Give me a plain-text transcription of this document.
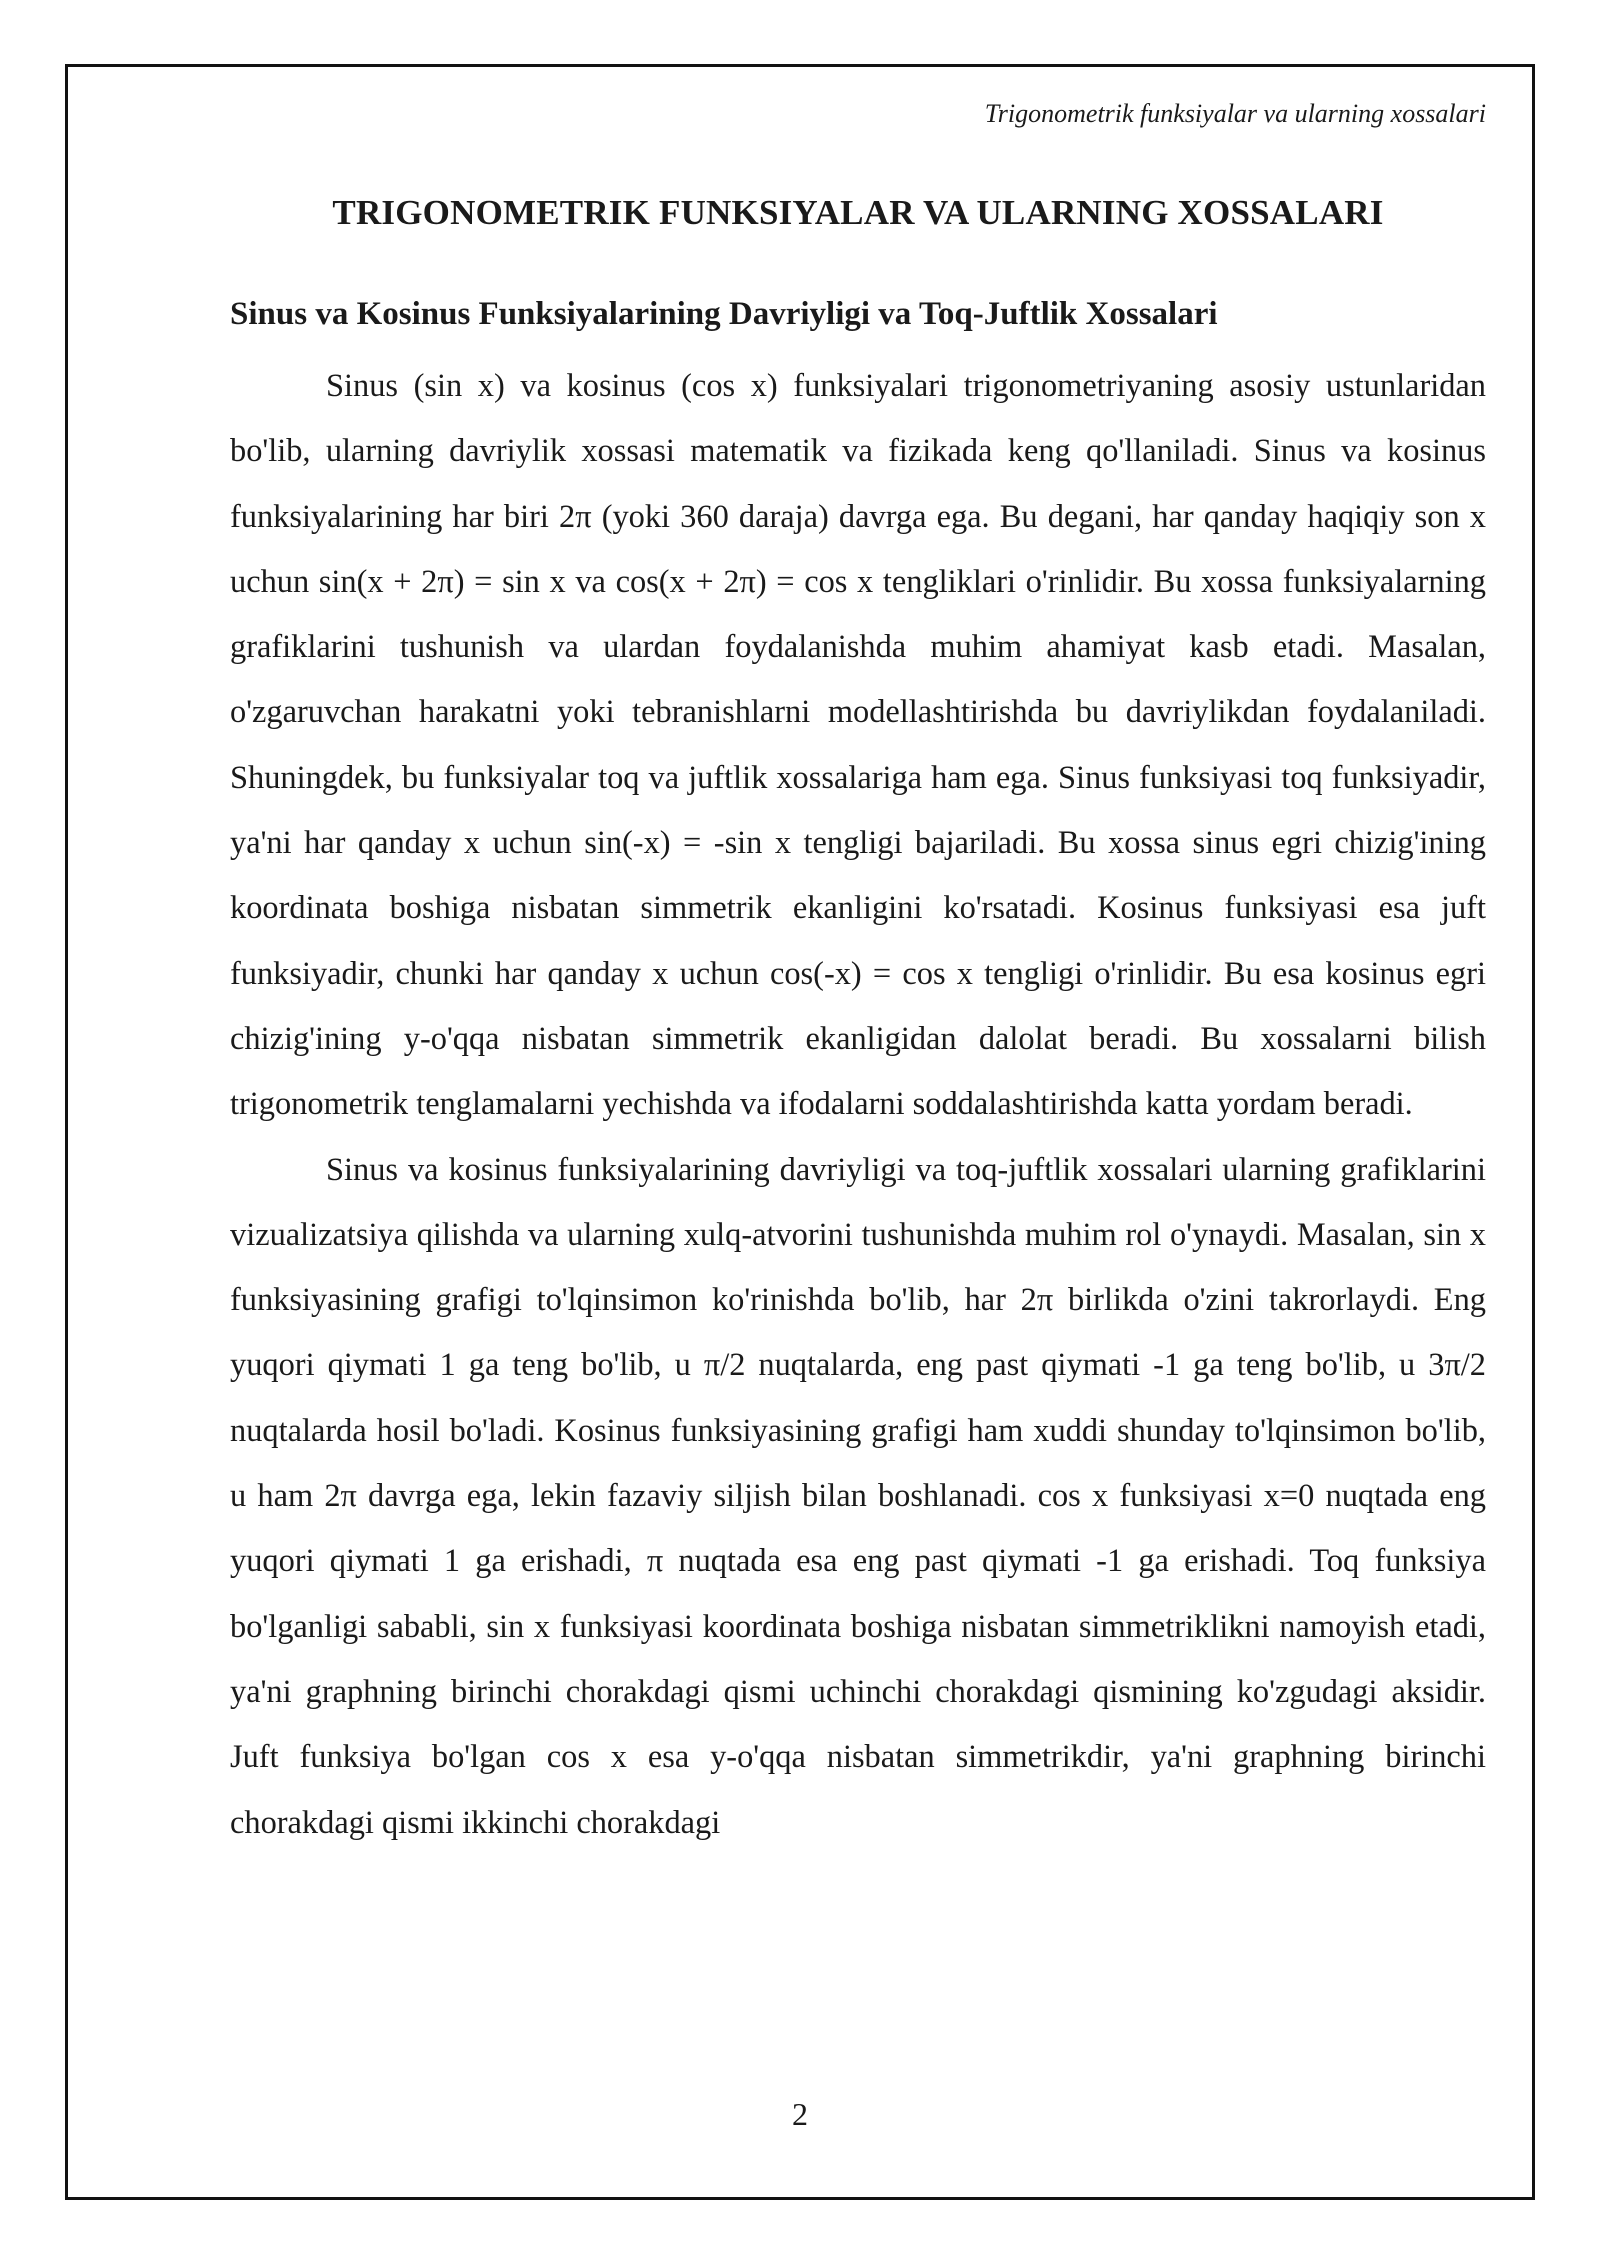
Trigonometrik funksiyalar va ularning xossalari
TRIGONOMETRIK FUNKSIYALAR VA ULARNING XOSSALARI
Sinus va Kosinus Funksiyalarining Davriyligi va Toq-Juftlik Xossalari

Sinus (sin x) va kosinus (cos x) funksiyalari trigonometriyaning asosiy ustunlaridan bo'lib, ularning davriylik xossasi matematik va fizikada keng qo'llaniladi. Sinus va kosinus funksiyalarining har biri 2π (yoki 360 daraja) davrga ega. Bu degani, har qanday haqiqiy son x uchun sin(x + 2π) = sin x va cos(x + 2π) = cos x tengliklari o'rinlidir. Bu xossa funksiyalarning grafiklarini tushunish va ulardan foydalanishda muhim ahamiyat kasb etadi. Masalan, o'zgaruvchan harakatni yoki tebranishlarni modellashtirishda bu davriylikdan foydalaniladi. Shuningdek, bu funksiyalar toq va juftlik xossalariga ham ega. Sinus funksiyasi toq funksiyadir, ya'ni har qanday x uchun sin(-x) = -sin x tengligi bajariladi. Bu xossa sinus egri chizig'ining koordinata boshiga nisbatan simmetrik ekanligini ko'rsatadi. Kosinus funksiyasi esa juft funksiyadir, chunki har qanday x uchun cos(-x) = cos x tengligi o'rinlidir. Bu esa kosinus egri chizig'ining y-o'qqa nisbatan simmetrik ekanligidan dalolat beradi. Bu xossalarni bilish trigonometrik tenglamalarni yechishda va ifodalarni soddalashtirishda katta yordam beradi.

Sinus va kosinus funksiyalarining davriyligi va toq-juftlik xossalari ularning grafiklarini vizualizatsiya qilishda va ularning xulq-atvorini tushunishda muhim rol o'ynaydi. Masalan, sin x funksiyasining grafigi to'lqinsimon ko'rinishda bo'lib, har 2π birlikda o'zini takrorlaydi. Eng yuqori qiymati 1 ga teng bo'lib, u π/2 nuqtalarda, eng past qiymati -1 ga teng bo'lib, u 3π/2 nuqtalarda hosil bo'ladi. Kosinus funksiyasining grafigi ham xuddi shunday to'lqinsimon bo'lib, u ham 2π davrga ega, lekin fazaviy siljish bilan boshlanadi. cos x funksiyasi x=0 nuqtada eng yuqori qiymati 1 ga erishadi, π nuqtada esa eng past qiymati -1 ga erishadi. Toq funksiya bo'lganligi sababli, sin x funksiyasi koordinata boshiga nisbatan simmetriklikni namoyish etadi, ya'ni graphning birinchi chorakdagi qismi uchinchi chorakdagi qismining ko'zgudagi aksidir. Juft funksiya bo'lgan cos x esa y-o'qqa nisbatan simmetrikdir, ya'ni graphning birinchi chorakdagi qismi ikkinchi chorakdagi

2
